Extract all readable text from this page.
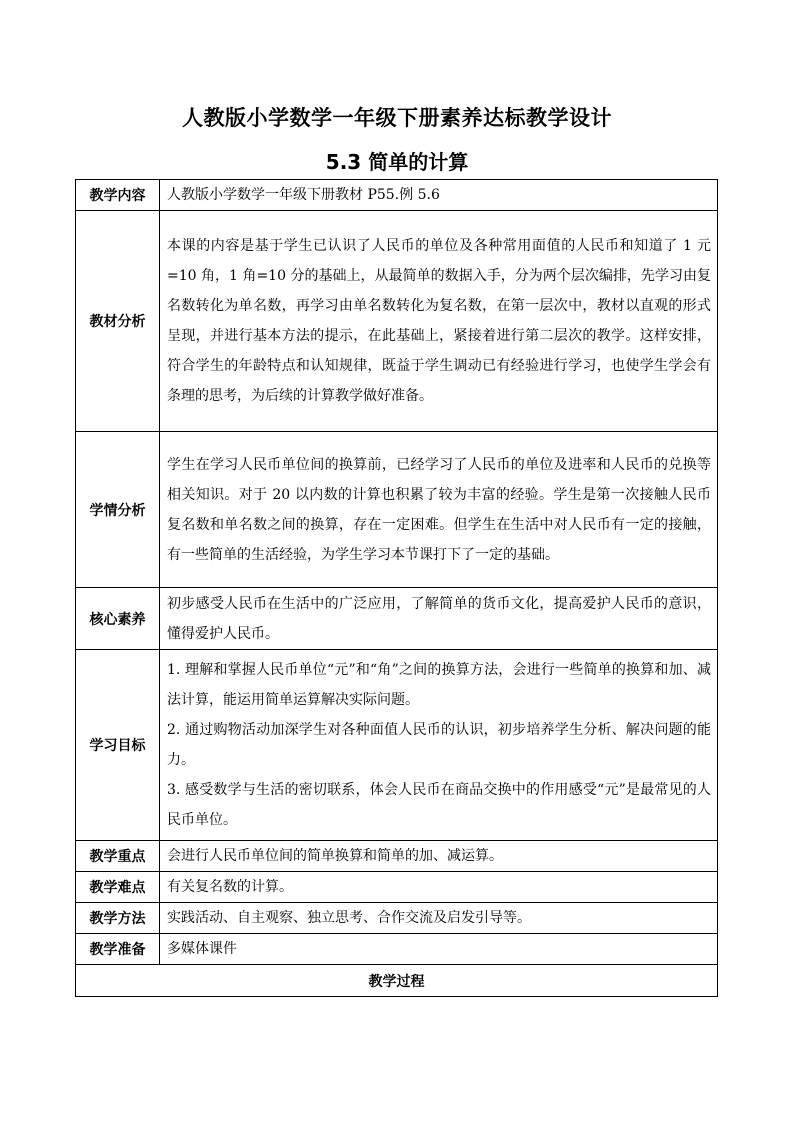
人教版小学数学一年级下册素养达标教学设计
5.3 简单的计算
教学内容	人教版小学数学一年级下册教材 P55.例 5.6
教材分析	本课的内容是基于学生已认识了人民币的单位及各种常用面值的人民币和知道了 1 元=10 角，1 角=10 分的基础上，从最简单的数据入手，分为两个层次编排，先学习由复名数转化为单名数，再学习由单名数转化为复名数，在第一层次中，教材以直观的形式呈现，并进行基本方法的提示，在此基础上，紧接着进行第二层次的教学。这样安排，符合学生的年龄特点和认知规律，既益于学生调动已有经验进行学习，也使学生学会有条理的思考，为后续的计算教学做好准备。
学情分析	学生在学习人民币单位间的换算前，已经学习了人民币的单位及进率和人民币的兑换等相关知识。对于 20 以内数的计算也积累了较为丰富的经验。学生是第一次接触人民币复名数和单名数之间的换算，存在一定困难。但学生在生活中对人民币有一定的接触，有一些简单的生活经验，为学生学习本节课打下了一定的基础。
核心素养	初步感受人民币在生活中的广泛应用，了解简单的货币文化，提高爱护人民币的意识，懂得爱护人民币。
学习目标	1. 理解和掌握人民币单位“元”和“角”之间的换算方法，会进行一些简单的换算和加、减法计算，能运用简单运算解决实际问题。
2. 通过购物活动加深学生对各种面值人民币的认识，初步培养学生分析、解决问题的能力。
3. 感受数学与生活的密切联系，体会人民币在商品交换中的作用感受“元”是最常见的人民币单位。

教学重点	会进行人民币单位间的简单换算和简单的加、减运算。
教学难点	有关复名数的计算。
教学方法	实践活动、自主观察、独立思考、合作交流及启发引导等。
教学准备	多媒体课件
教学过程	
